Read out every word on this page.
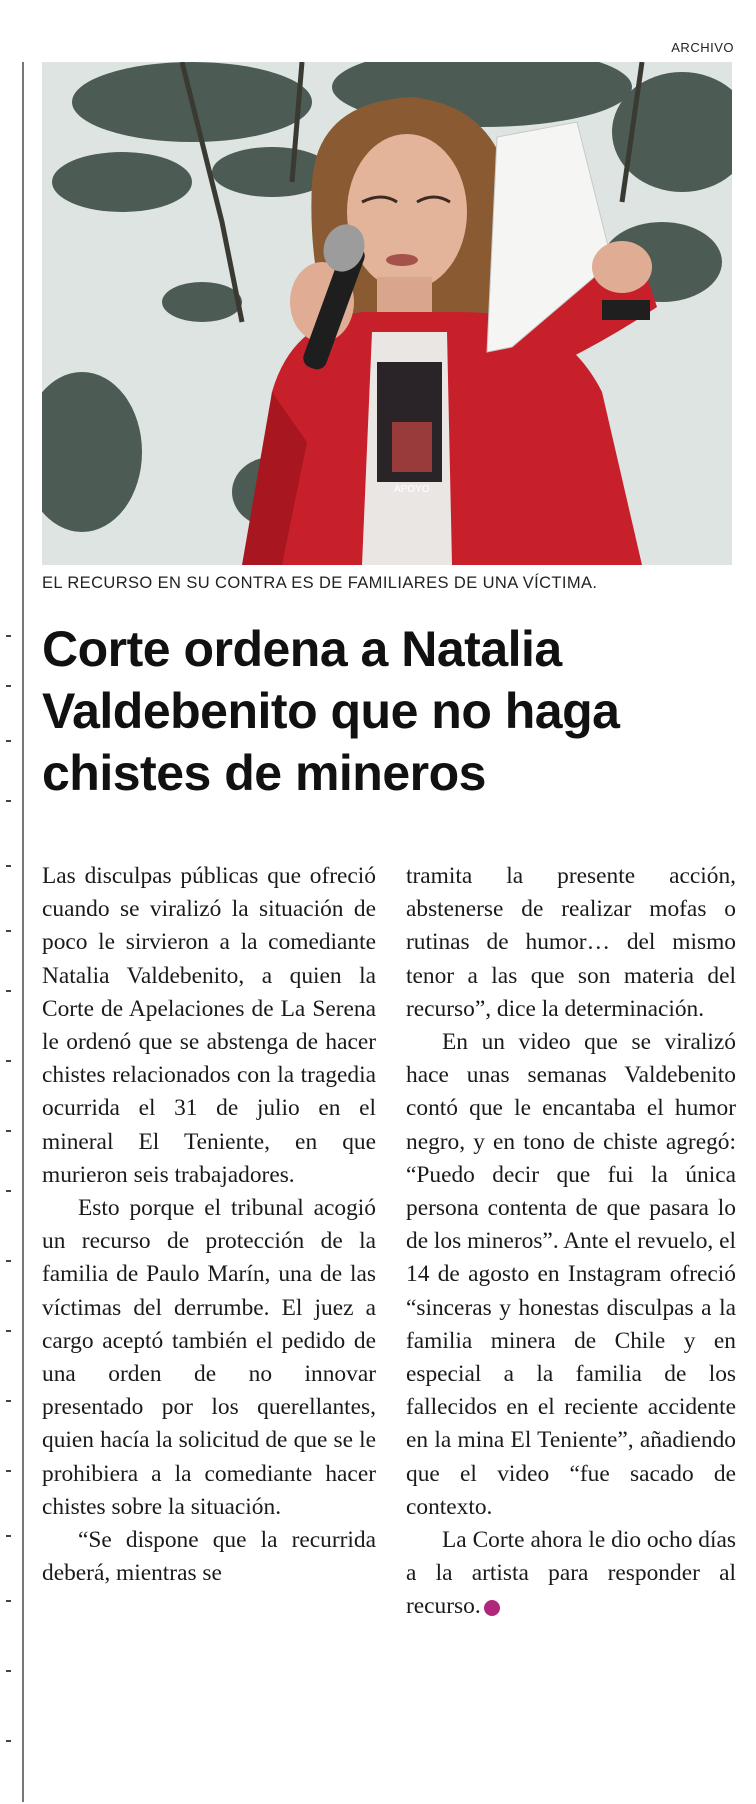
ARCHIVO
APOYO
EL RECURSO EN SU CONTRA ES DE FAMILIARES DE UNA VÍCTIMA.
Corte ordena a Natalia Valdebenito que no haga chistes de mineros

Las disculpas públicas que ofreció cuando se viralizó la situación de poco le sirvieron a la comediante Natalia Valdebenito, a quien la Corte de Apelaciones de La Serena le ordenó que se abstenga de hacer chistes relacionados con la tragedia ocurrida el 31 de julio en el mineral El Teniente, en que murieron seis trabajadores.

Esto porque el tribunal acogió un recurso de protección de la familia de Paulo Marín, una de las víctimas del derrumbe. El juez a cargo aceptó también el pedido de una orden de no innovar presentado por los querellantes, quien hacía la solicitud de que se le prohibiera a la comediante hacer chistes sobre la situación.

“Se dispone que la recurrida deberá, mientras se

tramita la presente acción, abstenerse de realizar mofas o rutinas de humor… del mismo tenor a las que son materia del recurso”, dice la determinación.

En un video que se viralizó hace unas semanas Valdebenito contó que le encantaba el humor negro, y en tono de chiste agregó: “Puedo decir que fui la única persona contenta de que pasara lo de los mineros”. Ante el revuelo, el 14 de agosto en Instagram ofreció “sinceras y honestas disculpas a la familia minera de Chile y en especial a la familia de los fallecidos en el reciente accidente en la mina El Teniente”, añadiendo que el video “fue sacado de contexto.

La Corte ahora le dio ocho días a la artista para responder al recurso.	✪
